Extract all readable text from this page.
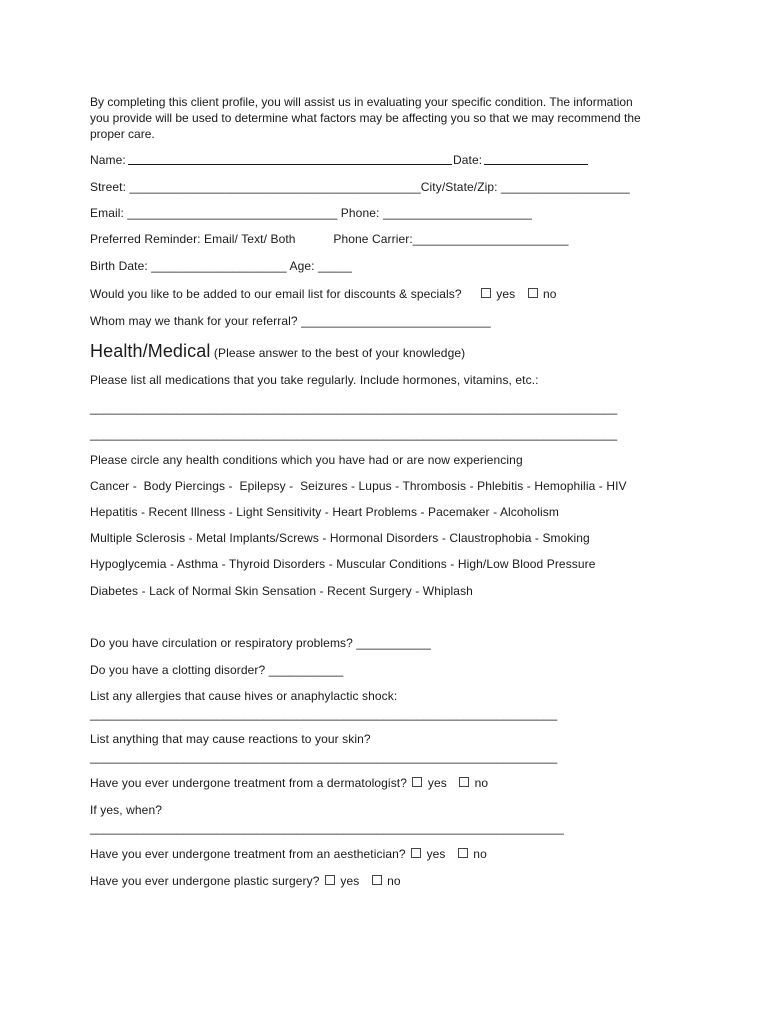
By completing this client profile, you will assist us in evaluating your specific condition. The information
you provide will be used to determine what factors may be affecting you so that we may recommend the
proper care.
Name:	Date:
Street: ___________________________________________City/State/Zip: ___________________
Email: _______________________________ Phone: ______________________
Preferred Reminder: Email/ Text/ Both           Phone Carrier:_______________________
Birth Date: ____________________ Age: _____
Would you like to be added to our email list for discounts & specials?	yes no
Whom may we thank for your referral? ____________________________
Health/Medical (Please answer to the best of your knowledge)
Please list all medications that you take regularly. Include hormones, vitamins, etc.:
_______________________________________________________________________________
_______________________________________________________________________________
Please circle any health conditions which you have had or are now experiencing
Cancer -  Body Piercings -  Epilepsy -  Seizures - Lupus - Thrombosis - Phlebitis - Hemophilia - HIV
Hepatitis - Recent Illness - Light Sensitivity - Heart Problems - Pacemaker - Alcoholism
Multiple Sclerosis - Metal Implants/Screws - Hormonal Disorders - Claustrophobia - Smoking
Hypoglycemia - Asthma - Thyroid Disorders - Muscular Conditions - High/Low Blood Pressure
Diabetes - Lack of Normal Skin Sensation - Recent Surgery - Whiplash
Do you have circulation or respiratory problems? ___________
Do you have a clotting disorder? ___________
List any allergies that cause hives or anaphylactic shock:
______________________________________________________________________
List anything that may cause reactions to your skin?
______________________________________________________________________
Have you ever undergone treatment from a dermatologist? yes no
If yes, when?
_______________________________________________________________________
Have you ever undergone treatment from an aesthetician? yes no
Have you ever undergone plastic surgery? yes no
